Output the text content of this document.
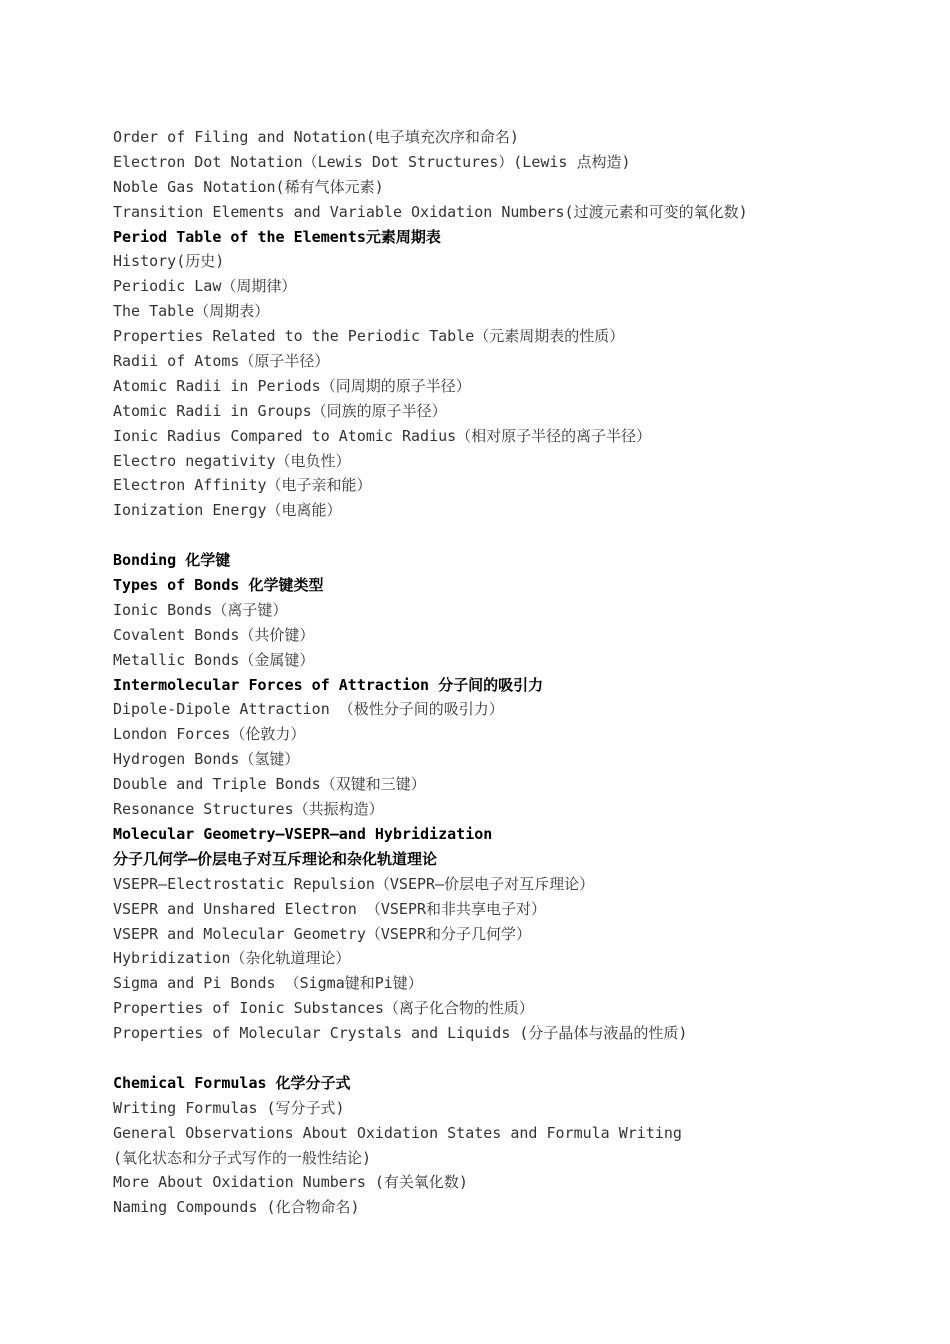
Order of Filing and Notation(电子填充次序和命名)
Electron Dot Notation（Lewis Dot Structures）(Lewis 点构造)
Noble Gas Notation(稀有气体元素)
Transition Elements and Variable Oxidation Numbers(过渡元素和可变的氧化数)
Period Table of the Elements元素周期表
History(历史)
Periodic Law（周期律）
The Table（周期表）
Properties Related to the Periodic Table（元素周期表的性质）
Radii of Atoms（原子半径）
Atomic Radii in Periods（同周期的原子半径）
Atomic Radii in Groups（同族的原子半径）
Ionic Radius Compared to Atomic Radius（相对原子半径的离子半径）
Electro negativity（电负性）
Electron Affinity（电子亲和能）
Ionization Energy（电离能）
Bonding 化学键
Types of Bonds 化学键类型
Ionic Bonds（离子键）
Covalent Bonds（共价键）
Metallic Bonds（金属键）
Intermolecular Forces of Attraction 分子间的吸引力
Dipole-Dipole Attraction （极性分子间的吸引力）
London Forces（伦敦力）
Hydrogen Bonds（氢键）
Double and Triple Bonds（双键和三键）
Resonance Structures（共振构造）
Molecular Geometry—VSEPR—and Hybridization
分子几何学—价层电子对互斥理论和杂化轨道理论
VSEPR—Electrostatic Repulsion（VSEPR—价层电子对互斥理论）
VSEPR and Unshared Electron （VSEPR和非共享电子对）
VSEPR and Molecular Geometry（VSEPR和分子几何学）
Hybridization（杂化轨道理论）
Sigma and Pi Bonds （Sigma键和Pi键）
Properties of Ionic Substances（离子化合物的性质）
Properties of Molecular Crystals and Liquids (分子晶体与液晶的性质)
Chemical Formulas 化学分子式
Writing Formulas (写分子式)
General Observations About Oxidation States and Formula Writing
(氧化状态和分子式写作的一般性结论)
More About Oxidation Numbers (有关氧化数)
Naming Compounds (化合物命名)
